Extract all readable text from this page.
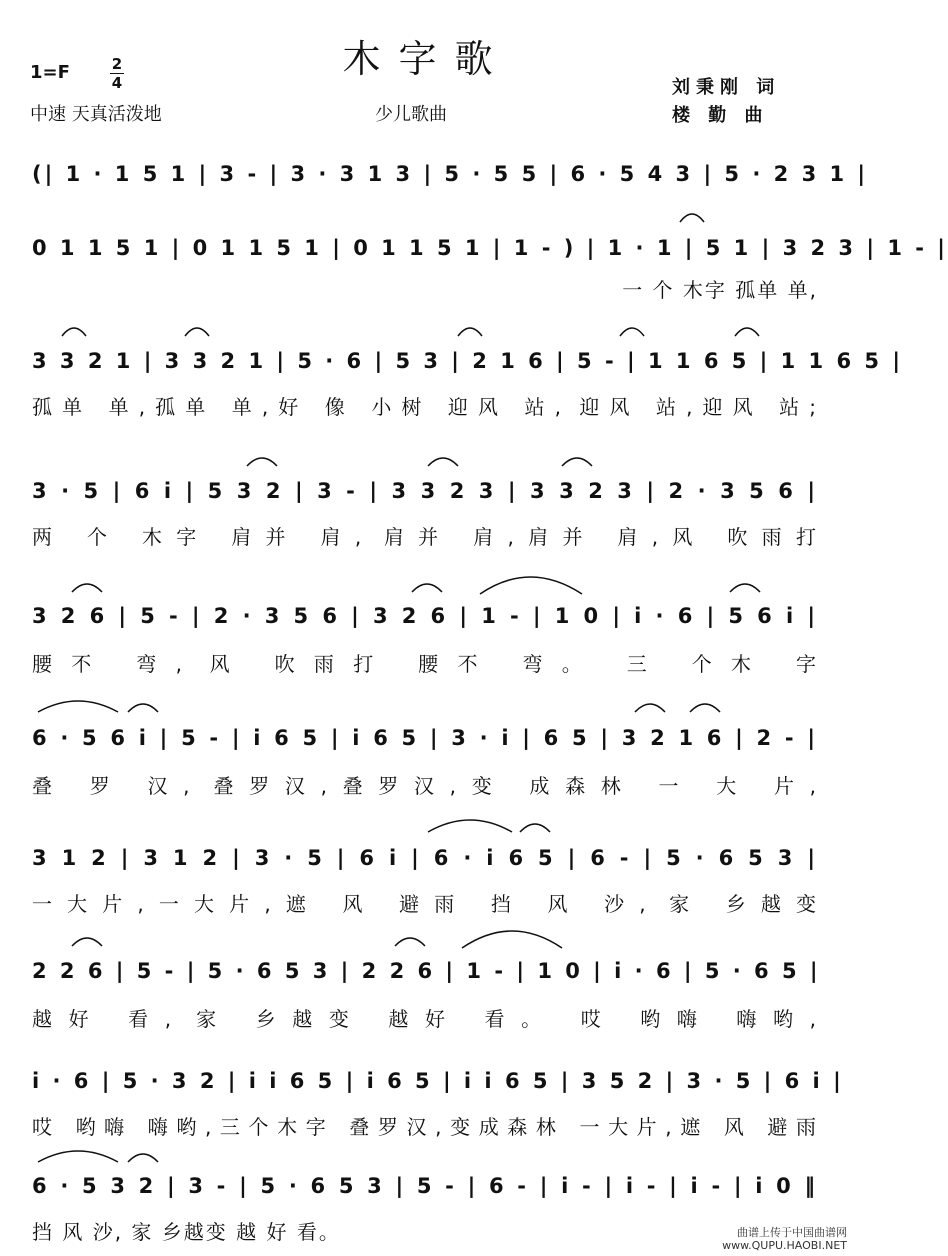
木字歌
1=F	2
4
中速 天真活泼地	少儿歌曲
刘秉刚 词
楼 勤 曲
(| 1 · 1 5 1 | 3 - | 3 · 3 1 3 | 5 · 5 5 | 6 · 5 4 3 | 5 · 2 3 1 |
0 1 1 5 1 | 0 1 1 5 1 | 0 1 1 5 1 | 1 - ) | 1 · 1 | 5 1 | 3 2 3 | 1 - |
一 个 木字 孤单 单,
3 3 2 1 | 3 3 2 1 | 5 · 6 | 5 3 | 2 1 6 | 5 - | 1 1 6 5 | 1 1 6 5 |
孤单 单,孤单 单,好 像 小树 迎风 站, 迎风 站,迎风 站;
3 · 5 | 6 i | 5 3 2 | 3 - | 3 3 2 3 | 3 3 2 3 | 2 · 3 5 6 |
两 个 木字 肩并 肩, 肩并 肩,肩并 肩,风 吹雨打
3 2 6 | 5 - | 2 · 3 5 6 | 3 2 6 | 1 - | 1 0 | i · 6 | 5 6 i |
腰不 弯, 风 吹雨打 腰不 弯。 三 个木 字
6 · 5 6 i | 5 - | i 6 5 | i 6 5 | 3 · i | 6 5 | 3 2 1 6 | 2 - |
叠 罗 汉, 叠罗汉,叠罗汉,变 成森林 一 大 片,
3 1 2 | 3 1 2 | 3 · 5 | 6 i | 6 · i 6 5 | 6 - | 5 · 6 5 3 |
一大片,一大片,遮 风 避雨 挡 风 沙, 家 乡越变
2 2 6 | 5 - | 5 · 6 5 3 | 2 2 6 | 1 - | 1 0 | i · 6 | 5 · 6 5 |
越好 看, 家 乡越变 越好 看。 哎 哟嗨 嗨哟,
i · 6 | 5 · 3 2 | i i 6 5 | i 6 5 | i i 6 5 | 3 5 2 | 3 · 5 | 6 i |
哎 哟嗨 嗨哟,三个木字 叠罗汉,变成森林 一大片,遮 风 避雨
6 · 5 3 2 | 3 - | 5 · 6 5 3 | 5 - | 6 - | i - | i - | i - | i 0 ‖
挡 风 沙, 家 乡越变 越 好 看。	曲谱上传于中国曲谱网
www.QUPU.HAOBI.NET
